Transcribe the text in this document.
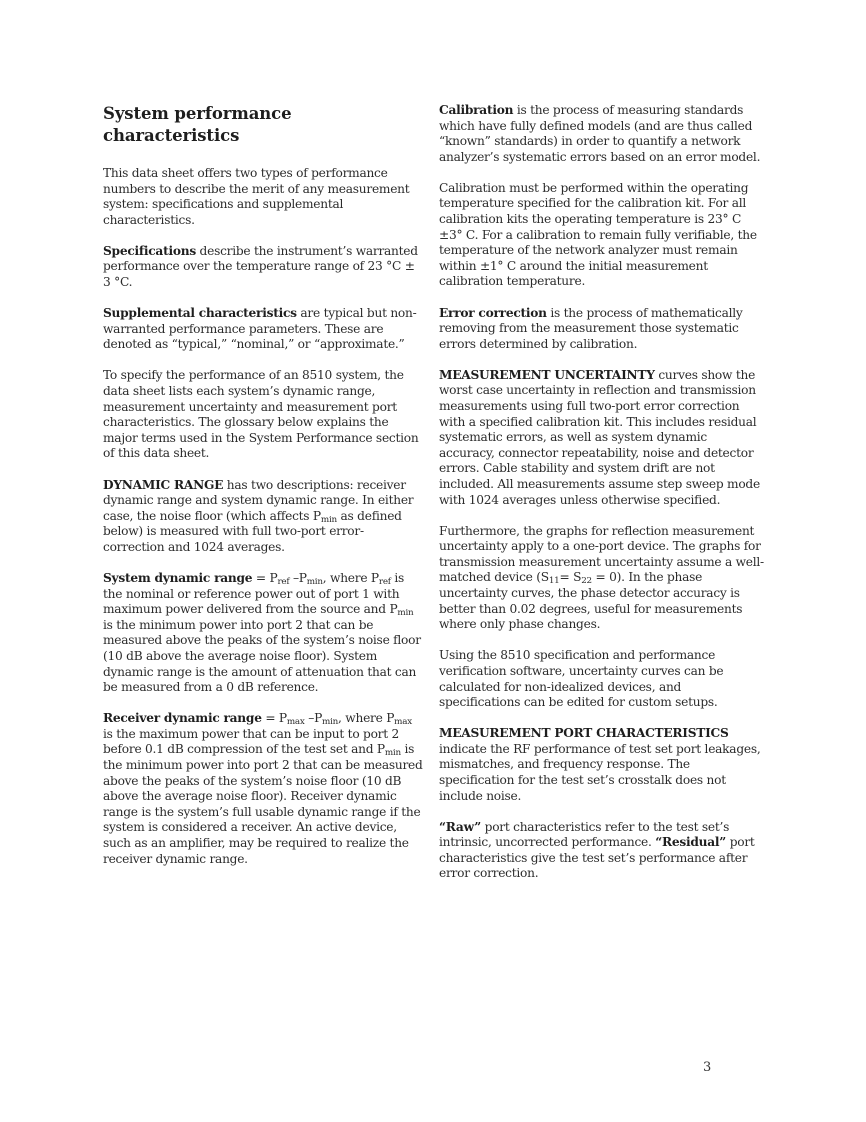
System performance characteristics

This data sheet offers two types of performance numbers to describe the merit of any measurement system: specifications and supplemental characteristics.

Specifications describe the instrument’s warranted performance over the temperature range of 23 °C ± 3 °C.

Supplemental characteristics are typical but non-warranted performance parameters. These are denoted as “typical,” “nominal,” or “approximate.”

To specify the performance of an 8510 system, the data sheet lists each system’s dynamic range, measurement uncertainty and measurement port characteristics. The glossary below explains the major terms used in the System Performance section of this data sheet.

DYNAMIC RANGE has two descriptions: receiver dynamic range and system dynamic range. In either case, the noise floor (which affects $P_{min}$ as defined below) is measured with full two-port error-correction and 1024 averages.

System dynamic range = $P_{ref}$ $-P_{min}$, where $P_{ref}$ is the nominal or reference power out of port 1 with maximum power delivered from the source and $P_{min}$ is the minimum power into port 2 that can be measured above the peaks of the system’s noise floor (10 dB above the average noise floor). System dynamic range is the amount of attenuation that can be measured from a 0 dB reference.

Receiver dynamic range = $P_{max}$ $-P_{min}$, where $P_{max}$ is the maximum power that can be input to port 2 before 0.1 dB compression of the test set and $P_{min}$ is the minimum power into port 2 that can be measured above the peaks of the system’s noise floor (10 dB above the average noise floor). Receiver dynamic range is the system’s full usable dynamic range if the system is considered a receiver. An active device, such as an amplifier, may be required to realize the receiver dynamic range.

Calibration is the process of measuring standards which have fully defined models (and are thus called “known” standards) in order to quantify a network analyzer’s systematic errors based on an error model.

Calibration must be performed within the operating temperature specified for the calibration kit. For all calibration kits the operating temperature is 23° C ±3° C. For a calibration to remain fully verifiable, the temperature of the network analyzer must remain within ±1° C around the initial measurement calibration temperature.

Error correction is the process of mathematically removing from the measurement those systematic errors determined by calibration.

MEASUREMENT UNCERTAINTY curves show the worst case uncertainty in reflection and transmission measurements using full two-port error correction with a specified calibration kit. This includes residual systematic errors, as well as system dynamic accuracy, connector repeatability, noise and detector errors. Cable stability and system drift are not included. All measurements assume step sweep mode with 1024 averages unless otherwise specified.

Furthermore, the graphs for reflection measurement uncertainty apply to a one-port device. The graphs for transmission measurement uncertainty assume a well-matched device $(S_{11}= S_{22} = 0)$. In the phase uncertainty curves, the phase detector accuracy is better than 0.02 degrees, useful for measurements where only phase changes.

Using the 8510 specification and performance verification software, uncertainty curves can be calculated for non-idealized devices, and specifications can be edited for custom setups.

MEASUREMENT PORT CHARACTERISTICS indicate the RF performance of test set port leakages, mismatches, and frequency response. The specification for the test set’s crosstalk does not include noise.

“Raw” port characteristics refer to the test set’s intrinsic, uncorrected performance. “Residual” port characteristics give the test set’s performance after error correction.

3
